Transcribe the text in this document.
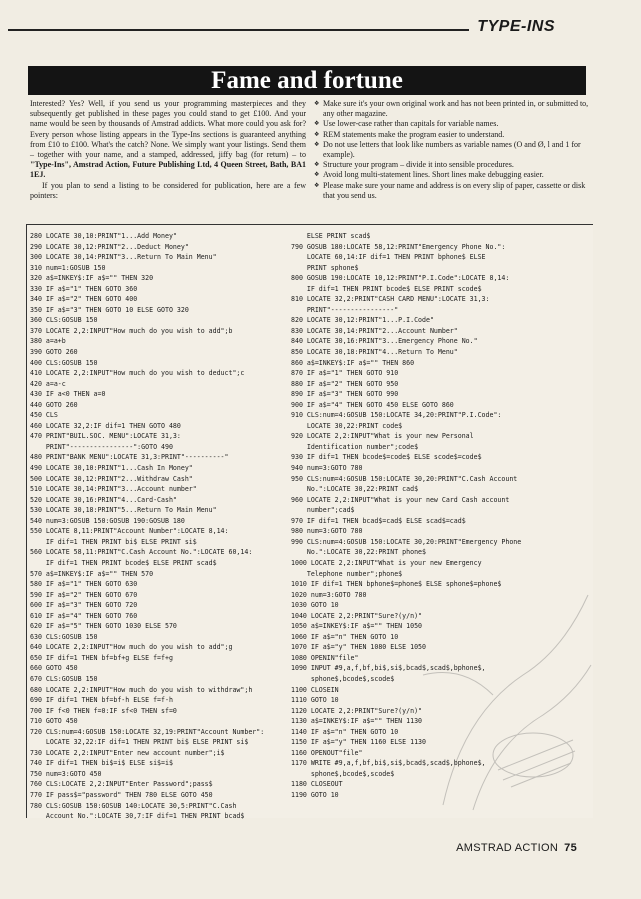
TYPE-INS
Fame and fortune

Interested? Yes? Well, if you send us your programming masterpieces and they subsequently get published in these pages you could stand to get £100. And your name would be seen by thousands of Amstrad addicts. What more could you ask for? Every person whose listing appears in the Type-Ins sections is guaranteed anything from £10 to £100. What's the catch? None. We simply want your listings. Send them – together with your name, and a stamped, addressed, jiffy bag (for return) – to "Type-Ins", Amstrad Action, Future Publishing Ltd, 4 Queen Street, Bath, BA1 1EJ.

If you plan to send a listing to be considered for publication, here are a few pointers:

❖ Make sure it's your own original work and has not been printed in, or submitted to, any other magazine.
❖ Use lower-case rather than capitals for variable names.
❖ REM statements make the program easier to understand.
❖ Do not use letters that look like numbers as variable names (O and Ø, l and 1 for example).
❖ Structure your program – divide it into sensible procedures.
❖ Avoid long multi-statement lines. Short lines make debugging easier.
❖ Please make sure your name and address is on every slip of paper, cassette or disk that you send us.
280 LOCATE 30,10:PRINT"1...Add Money"
290 LOCATE 30,12:PRINT"2...Deduct Money"
300 LOCATE 30,14:PRINT"3...Return To Main Menu"
310 num=1:GOSUB 150
320 a$=INKEY$:IF a$="" THEN 320
330 IF a$="1" THEN GOTO 360
340 IF a$="2" THEN GOTO 400
350 IF a$="3" THEN GOTO 10 ELSE GOTO 320
360 CLS:GOSUB 150
370 LOCATE 2,2:INPUT"How much do you wish to add";b
380 a=a+b
390 GOTO 260
400 CLS:GOSUB 150
410 LOCATE 2,2:INPUT"How much do you wish to deduct";c
420 a=a-c
430 IF a<0 THEN a=0
440 GOTO 260
450 CLS
460 LOCATE 32,2:IF dif=1 THEN GOTO 480
470 PRINT"BUIL.SOC. MENU":LOCATE 31,3:
PRINT"----------------":GOTO 490
480 PRINT"BANK MENU":LOCATE 31,3:PRINT"----------"
490 LOCATE 30,10:PRINT"1...Cash In Money"
500 LOCATE 30,12:PRINT"2...Withdraw Cash"
510 LOCATE 30,14:PRINT"3...Account number"
520 LOCATE 30,16:PRINT"4...Card-Cash"
530 LOCATE 30,18:PRINT"5...Return To Main Menu"
540 num=3:GOSUB 150:GOSUB 190:GOSUB 180
550 LOCATE 8,11:PRINT"Account Number":LOCATE 8,14:
IF dif=1 THEN PRINT bi$ ELSE PRINT si$
560 LOCATE 58,11:PRINT"C.Cash Account No.":LOCATE 60,14:
IF dif=1 THEN PRINT bcode$ ELSE PRINT scad$
570 a$=INKEY$:IF a$="" THEN 570
580 IF a$="1" THEN GOTO 630
590 IF a$="2" THEN GOTO 670
600 IF a$="3" THEN GOTO 720
610 IF a$="4" THEN GOTO 760
620 IF a$="5" THEN GOTO 1030 ELSE 570
630 CLS:GOSUB 150
640 LOCATE 2,2:INPUT"How much do you wish to add";g
650 IF dif=1 THEN bf=bf+g ELSE f=f+g
660 GOTO 450
670 CLS:GOSUB 150
680 LOCATE 2,2:INPUT"How much do you wish to withdraw";h
690 IF dif=1 THEN bf=bf-h ELSE f=f-h
700 IF f<0 THEN f=0:IF sf<0 THEN sf=0
710 GOTO 450
720 CLS:num=4:GOSUB 150:LOCATE 32,19:PRINT"Account Number":
LOCATE 32,22:IF dif=1 THEN PRINT bi$ ELSE PRINT si$
730 LOCATE 2,2:INPUT"Enter new account number";i$
740 IF dif=1 THEN bi$=i$ ELSE si$=i$
750 num=3:GOTO 450
760 CLS:LOCATE 2,2:INPUT"Enter Password";pass$
770 IF pass$="password" THEN 780 ELSE GOTO 450
780 CLS:GOSUB 150:GOSUB 140:LOCATE 30,5:PRINT"C.Cash
Account No.":LOCATE 30,7:IF dif=1 THEN PRINT bcad$
ELSE PRINT scad$
790 GOSUB 180:LOCATE 58,12:PRINT"Emergency Phone No.":
LOCATE 60,14:IF dif=1 THEN PRINT bphone$ ELSE
PRINT sphone$
800 GOSUB 190:LOCATE 10,12:PRINT"P.I.Code":LOCATE 8,14:
IF dif=1 THEN PRINT bcode$ ELSE PRINT scode$
810 LOCATE 32,2:PRINT"CASH CARD MENU":LOCATE 31,3:
PRINT"----------------"
820 LOCATE 30,12:PRINT"1...P.I.Code"
830 LOCATE 30,14:PRINT"2...Account Number"
840 LOCATE 30,16:PRINT"3...Emergency Phone No."
850 LOCATE 30,18:PRINT"4...Return To Menu"
860 a$=INKEY$:IF a$="" THEN 860
870 IF a$="1" THEN GOTO 910
880 IF a$="2" THEN GOTO 950
890 IF a$="3" THEN GOTO 990
900 IF a$="4" THEN GOTO 450 ELSE GOTO 860
910 CLS:num=4:GOSUB 150:LOCATE 34,20:PRINT"P.I.Code":
LOCATE 30,22:PRINT code$
920 LOCATE 2,2:INPUT"What is your new Personal
Identification number";code$
930 IF dif=1 THEN bcode$=code$ ELSE scode$=code$
940 num=3:GOTO 780
950 CLS:num=4:GOSUB 150:LOCATE 30,20:PRINT"C.Cash Account
No.":LOCATE 30,22:PRINT cad$
960 LOCATE 2,2:INPUT"What is your new Card Cash account
number";cad$
970 IF dif=1 THEN bcad$=cad$ ELSE scad$=cad$
980 num=3:GOTO 780
990 CLS:num=4:GOSUB 150:LOCATE 30,20:PRINT"Emergency Phone
No.":LOCATE 30,22:PRINT phone$
1000 LOCATE 2,2:INPUT"What is your new Emergency
Telephone number";phone$
1010 IF dif=1 THEN bphone$=phone$ ELSE sphone$=phone$
1020 num=3:GOTO 780
1030 GOTO 10
1040 LOCATE 2,2:PRINT"Sure?(y/n)"
1050 a$=INKEY$:IF a$="" THEN 1050
1060 IF a$="n" THEN GOTO 10
1070 IF a$="y" THEN 1080 ELSE 1050
1080 OPENIN"file"
1090 INPUT #9,a,f,bf,bi$,si$,bcad$,scad$,bphone$,
sphone$,bcode$,scode$
1100 CLOSEIN
1110 GOTO 10
1120 LOCATE 2,2:PRINT"Sure?(y/n)"
1130 a$=INKEY$:IF a$="" THEN 1130
1140 IF a$="n" THEN GOTO 10
1150 IF a$="y" THEN 1160 ELSE 1130
1160 OPENOUT"file"
1170 WRITE #9,a,f,bf,bi$,si$,bcad$,scad$,bphone$,
sphone$,bcode$,scode$
1180 CLOSEOUT
1190 GOTO 10
AMSTRAD ACTION 75
